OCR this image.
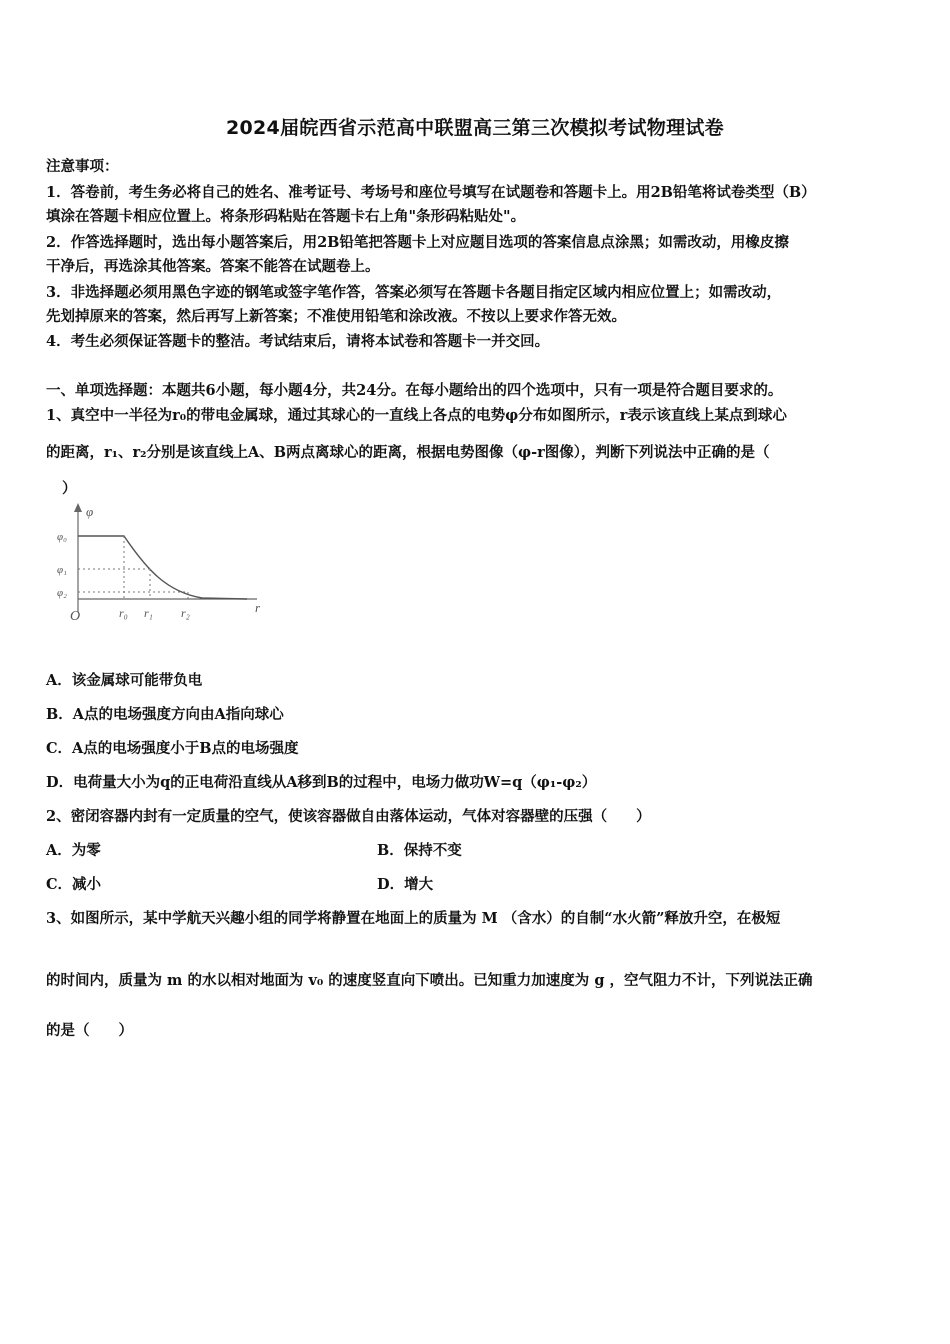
2024届皖西省示范高中联盟高三第三次模拟考试物理试卷
注意事项：
1．答卷前，考生务必将自己的姓名、准考证号、考场号和座位号填写在试题卷和答题卡上。用2B铅笔将试卷类型（B）
填涂在答题卡相应位置上。将条形码粘贴在答题卡右上角"条形码粘贴处"。
2．作答选择题时，选出每小题答案后，用2B铅笔把答题卡上对应题目选项的答案信息点涂黑；如需改动，用橡皮擦
干净后，再选涂其他答案。答案不能答在试题卷上。
3．非选择题必须用黑色字迹的钢笔或签字笔作答，答案必须写在答题卡各题目指定区域内相应位置上；如需改动，
先划掉原来的答案，然后再写上新答案；不准使用铅笔和涂改液。不按以上要求作答无效。
4．考生必须保证答题卡的整洁。考试结束后，请将本试卷和答题卡一并交回。
一、单项选择题：本题共6小题，每小题4分，共24分。在每小题给出的四个选项中，只有一项是符合题目要求的。
1、真空中一半径为r₀的带电金属球，通过其球心的一直线上各点的电势φ分布如图所示，r表示该直线上某点到球心
的距离，r₁、r₂分别是该直线上A、B两点离球心的距离，根据电势图像（φ-r图像），判断下列说法中正确的是（
）
φ
φ₀
φ₁
φ₂
O	r₀ r₁ r₂	r
A．该金属球可能带负电
B．A点的电场强度方向由A指向球心
C．A点的电场强度小于B点的电场强度
D．电荷量大小为q的正电荷沿直线从A移到B的过程中，电场力做功W=q（φ₁-φ₂）
2、密闭容器内封有一定质量的空气，使该容器做自由落体运动，气体对容器壁的压强（　　）
A．为零	B．保持不变
C．减小	D．增大
3、如图所示，某中学航天兴趣小组的同学将静置在地面上的质量为 M （含水）的自制“水火箭”释放升空，在极短
的时间内，质量为 m 的水以相对地面为 v₀ 的速度竖直向下喷出。已知重力加速度为 g ，空气阻力不计，下列说法正确
的是（　　）
